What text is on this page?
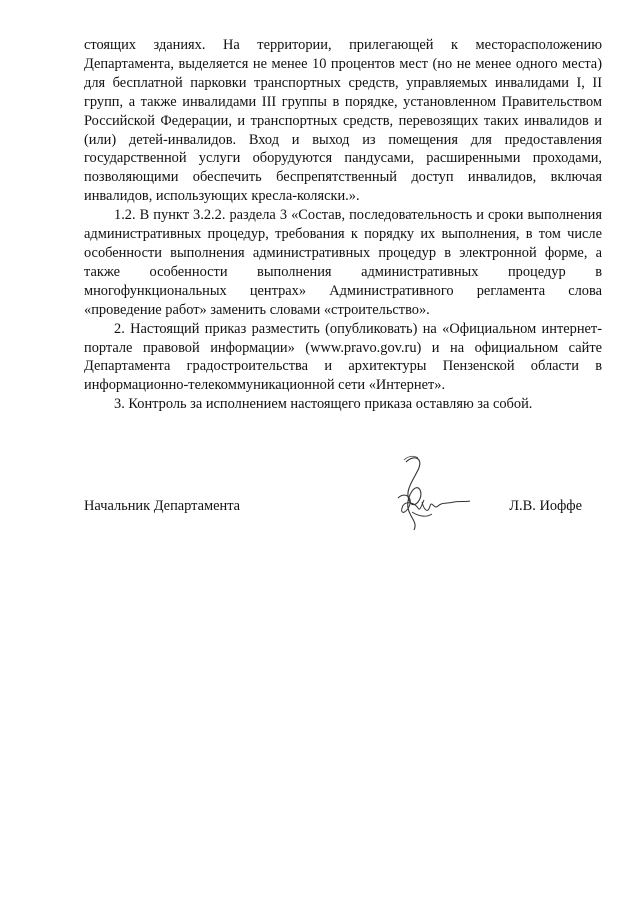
стоящих зданиях. На территории, прилегающей к месторасположению Департамента, выделяется не менее 10 процентов мест (но не менее одного места) для бесплатной парковки транспортных средств, управляемых инвалидами I, II групп, а также инвалидами III группы в порядке, установленном Правительством Российской Федерации, и транспортных средств, перевозящих таких инвалидов и (или) детей-инвалидов. Вход и выход из помещения для предоставления государственной услуги оборудуются пандусами, расширенными проходами, позволяющими обеспечить беспрепятственный доступ инвалидов, включая инвалидов, использующих кресла-коляски.».

1.2. В пункт 3.2.2. раздела 3 «Состав, последовательность и сроки выполнения административных процедур, требования к порядку их выполнения, в том числе особенности выполнения административных процедур в электронной форме, а также особенности выполнения административных процедур в многофункциональных центрах» Административного регламента слова «проведение работ» заменить словами «строительство».

2. Настоящий приказ разместить (опубликовать) на «Официальном интернет-портале правовой информации» (www.pravo.gov.ru) и на официальном сайте Департамента градостроительства и архитектуры Пензенской области в информационно-телекоммуникационной сети «Интернет».

3. Контроль за исполнением настоящего приказа оставляю за собой.

Начальник Департамента	Л.В. Иоффе
